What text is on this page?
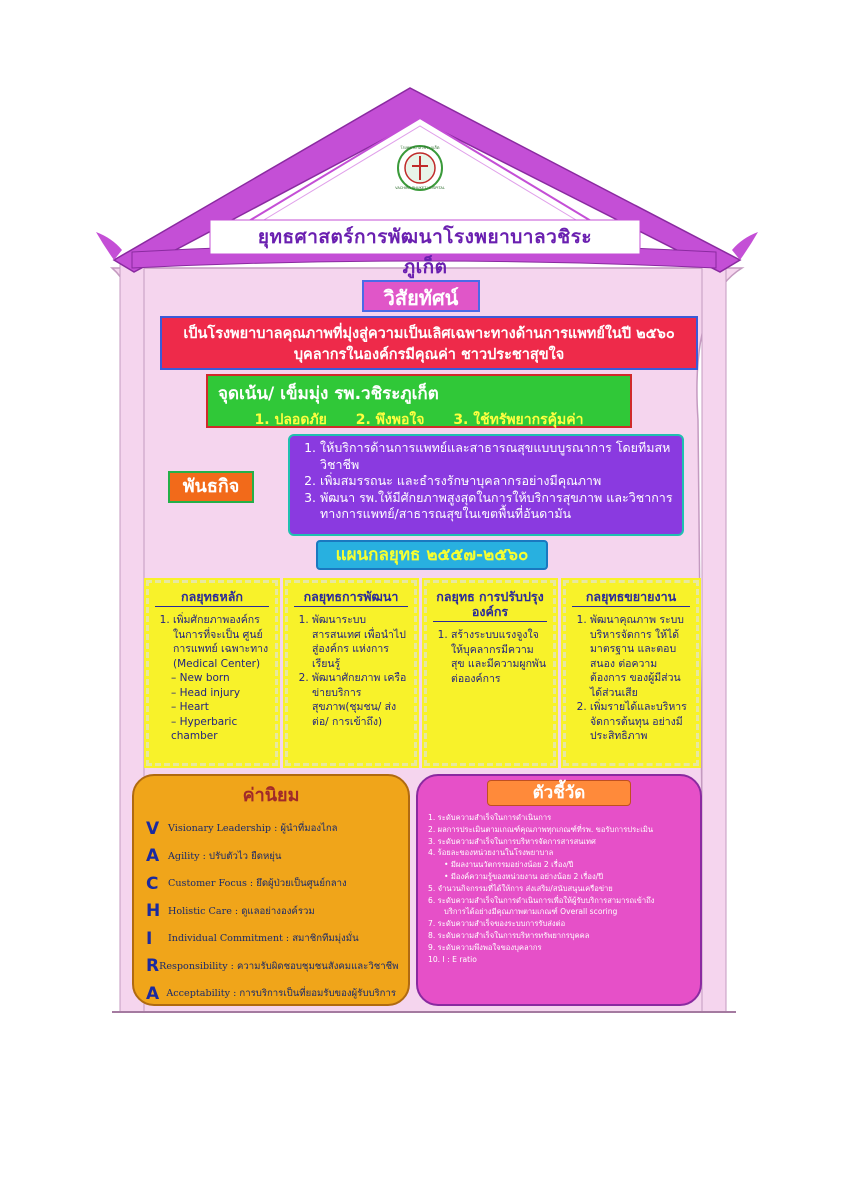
ยุทธศาสตร์การพัฒนาโรงพยาบาลวชิระภูเก็ต
วิสัยทัศน์
เป็นโรงพยาบาลคุณภาพที่มุ่งสู่ความเป็นเลิศเฉพาะทางด้านการแพทย์ในปี ๒๕๖๐
บุคลากรในองค์กรมีคุณค่า ชาวประชาสุขใจ
จุดเน้น/ เข็มมุ่ง รพ.วชิระภูเก็ต
1. ปลอดภัย 2. พึงพอใจ 3. ใช้ทรัพยากรคุ้มค่า
พันธกิจ
1. ให้บริการด้านการแพทย์และสาธารณสุขแบบบูรณาการ โดยทีมสหวิชาชีพ
2. เพิ่มสมรรถนะ และธำรงรักษาบุคลากรอย่างมีคุณภาพ
3. พัฒนา รพ.ให้มีศักยภาพสูงสุดในการให้บริการสุขภาพ และวิชาการทางการแพทย์/สาธารณสุขในเขตพื้นที่อันดามัน
แผนกลยุทธ ๒๕๕๗-๒๕๖๐
กลยุทธหลัก
1. เพิ่มศักยภาพองค์กร ในการที่จะเป็น ศูนย์การแพทย์ เฉพาะทาง (Medical Center)
– New born
– Head injury
– Heart
– Hyperbaric chamber
กลยุทธการพัฒนา
1. พัฒนาระบบสารสนเทศ เพื่อนำไปสู่องค์กร แห่งการเรียนรู้
2. พัฒนาศักยภาพ เครือข่ายบริการ สุขภาพ(ชุมชน/ ส่งต่อ/ การเข้าถึง)
กลยุทธ การปรับปรุงองค์กร
1. สร้างระบบแรงจูงใจ ให้บุคลากรมีความสุข และมีความผูกพัน ต่อองค์การ
กลยุทธขยายงาน
1. พัฒนาคุณภาพ ระบบบริหารจัดการ ให้ได้มาตรฐาน และตอบสนอง ต่อความต้องการ ของผู้มีส่วนได้ส่วนเสีย
2. เพิ่มรายได้และบริหาร จัดการต้นทุน อย่างมีประสิทธิภาพ
ค่านิยม
V Visionary Leadership : ผู้นำที่มองไกล
A Agility : ปรับตัวไว ยืดหยุ่น
C Customer Focus : ยึดผู้ป่วยเป็นศูนย์กลาง
H Holistic Care : ดูแลอย่างองค์รวม
I	Individual Commitment : สมาชิกทีมมุ่งมั่น
R Responsibility : ความรับผิดชอบชุมชนสังคมและวิชาชีพ
A Acceptability : การบริการเป็นที่ยอมรับของผู้รับบริการ
ตัวชี้วัด
1. ระดับความสำเร็จในการดำเนินการ
2. ผลการประเมินตามเกณฑ์คุณภาพทุกเกณฑ์ที่รพ. ขอรับการประเมิน
3. ระดับความสำเร็จในการบริหารจัดการสารสนเทศ
4. ร้อยละของหน่วยงานในโรงพยาบาล
• มีผลงานนวัตกรรมอย่างน้อย 2 เรื่อง/ปี
• มีองค์ความรู้ของหน่วยงาน อย่างน้อย 2 เรื่อง/ปี
5. จำนวนกิจกรรมที่ได้ให้การ ส่งเสริม/สนับสนุนเครือข่าย
6. ระดับความสำเร็จในการดำเนินการเพื่อให้ผู้รับบริการสามารถเข้าถึง
บริการได้อย่างมีคุณภาพตามเกณฑ์ Overall scoring
7. ระดับความสำเร็จของระบบการรับส่งต่อ
8. ระดับความสำเร็จในการบริหารทรัพยากรบุคคล
9. ระดับความพึงพอใจของบุคลากร
10. I : E ratio
โรงพยาบาลวชิระภูเก็ต
VACHIRA PHUKET HOSPITAL
